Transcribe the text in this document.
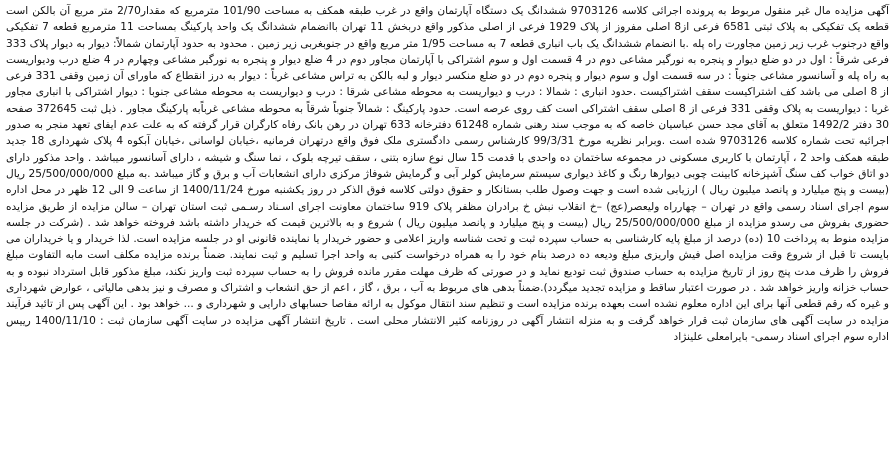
آگهی مزایده مال غیر منقول مربوط به پرونده اجرائی کلاسه 9703126 ششدانگ یک دستگاه آپارتمان واقع در غرب طبقه همکف به مساحت 101/90 مترمربع که مقدار2/70 متر مربع آن بالکن است قطعه یک تفکیکی به پلاک ثبتی 6581 فرعی از8 اصلی مفروز از پلاک 1929 فرعی از اصلی مذکور واقع دربخش 11 تهران باانضمام ششدانگ یک واحد پارکینگ بمساحت 11 مترمربع قطعه 7 تفکیکی واقع درجنوب غرب زیر زمین مجاورت راه پله .با انضمام ششدانگ یک باب انباری قطعه 7 به مساحت 1/95 متر مربع واقع در جنوبغربی زیر زمین . محدود به حدود آپارتمان شمالاً: دیوار به دیوار پلاک 333 فرعی شرقاً : اول در دو ضلع دیوار و پنجره به نورگیر مشاعی دوم در 4 قسمت اول و سوم اشتراکی با آپارتمان مجاور دوم در 4 ضلع دیوار و پنجره به نورگیر مشاعی وچهارم در 4 ضلع درب ودیواریست به راه پله و آسانسور مشاعی جنوباً : در سه قسمت اول و سوم دیوار و پنجره دوم در دو ضلع منکسر دیوار و لبه بالکن به تراس مشاعی غرباً : دیوار به درز انقطاع که ماورای آن زمین وقفی 331 فرعی از 8 اصلی می باشد کف اشتراکیست سقف اشتراکیست .حدود انباری : شمالا : درب و دیواریست به محوطه مشاعی شرقا : درب و دیواریست به محوطه مشاعی جنوبا : دیوار اشتراکی با انباری مجاور غربا : دیواریست به پلاک وقفی 331 فرعی از 8 اصلی سقف اشتراکی است کف روی عرصه است. حدود پارکینگ : شمالاً جنوباً شرقاً به محوطه مشاعی غرباًبه پارکینگ مجاور . ذیل ثبت 372645 صفحه 30 دفتر 1492/2 متعلق به آقای مجد حسن عباسیان خاصه که به موجب سند رهنی شماره 61248 دفترخانه 633 تهران در رهن بانک رفاه کارگران قرار گرفته که به علت عدم ایفای تعهد منجر به صدور اجرائیه تحت شماره کلاسه 9703126 شده است .وبرابر نظریه مورخ 99/3/31 کارشناس رسمی دادگستری ملک فوق واقع درتهران فرمانیه ،خیابان لواسانی ،خیابان آبکوه 4 پلاک شهرداری 18 جدید طبقه همکف واحد 2 ، آپارتمان با کاربری مسکونی در مجموعه ساختمان ده واحدی با قدمت 15 سال نوع سازه بتنی ، سقف تیرچه بلوک ، نما سنگ و شیشه ، دارای آسانسور میباشد . واحد مذکور دارای دو اتاق خواب کف سنگ آشپزخانه کابینت چوبی دیوارها رنگ و کاغذ دیواری سیستم سرمایش کولر آبی و گرمایش شوفاژ مرکزی دارای انشعابات آب و برق و گاز میباشد .به مبلغ 25/500/000/000 ریال (بیست و پنج میلیارد و پانصد میلیون ریال ) ارزیابی شده است و جهت وصول طلب بستانکار و حقوق دولتی کلاسه فوق الذکر در روز یکشنبه مورخ 1400/11/24 از ساعت 9 الی 12 ظهر در محل اداره سوم اجرای اسناد رسمی واقع در تهران – چهارراه ولیعصر(عج) –خ انقلاب نبش خ برادران مظفر پلاک 919 ساختمان معاونت اجرای اسـناد رسـمی ثبت استان تهران – سالن مزایده از طریق مزایده حضوری بفروش می رسدو مزایده از مبلغ 25/500/000/000 ریال (بیست و پنج میلیارد و پانصد میلیون ریال ) شروع و به بالاترین قیمت که خریدار داشته باشد فروخته خواهد شد . (شرکت در جلسه مزایده منوط به پرداخت 10 (ده) درصد از مبلغ پایه کارشناسی به حساب سپرده ثبت و تحت شناسه واریز اعلامی و حضور خریدار یا نماینده قانونی او در جلسه مزایده است. لذا خریدار و یا خریداران می بایست تا قبل از شروع وقت مزایده اصل فیش واریزی مبلغ ودیعه ده درصد بنام خود را به همراه درخواست کتبی به واحد اجرا تسلیم و ثبت نمایند. ضمناً برنده مزایده مکلف است مابه التفاوت مبلغ فروش را ظرف مدت پنج روز از تاریخ مزایده به حساب صندوق ثبت تودیع نماید و در صورتی که ظرف مهلت مقرر مانده فروش را به حساب سپرده ثبت واریز نکند، مبلغ مذکور قابل استرداد نبوده و به حساب خزانه واریز خواهد شد . در صورت اعتبار ساقط و مزایده تجدید میگردد).ضمناً بدهی های مربوط به آب ، برق ، گاز ، اعم از حق انشعاب و اشتراک و مصرف و نیز بدهی مالیاتی ، عوارض شهرداری و غیره که رقم قطعی آنها برای این اداره معلوم نشده است بعهده برنده مزایده است و تنظیم سند انتقال موکول به ارائه مفاصا حسابهای دارایی و شهرداری و ... خواهد بود . این آگهی پس از تائید فرآیند مزایده در سایت آگهی های سازمان ثبت قرار خواهد گرفت و به منزله انتشار آگهی در روزنامه کثیر الانتشار محلی است . تاریخ انتشار آگهی مزایده در سایت آگهی سازمان ثبت : 1400/11/10 رییس اداره سوم اجرای اسناد رسمی- بایرامعلی علینژاد
